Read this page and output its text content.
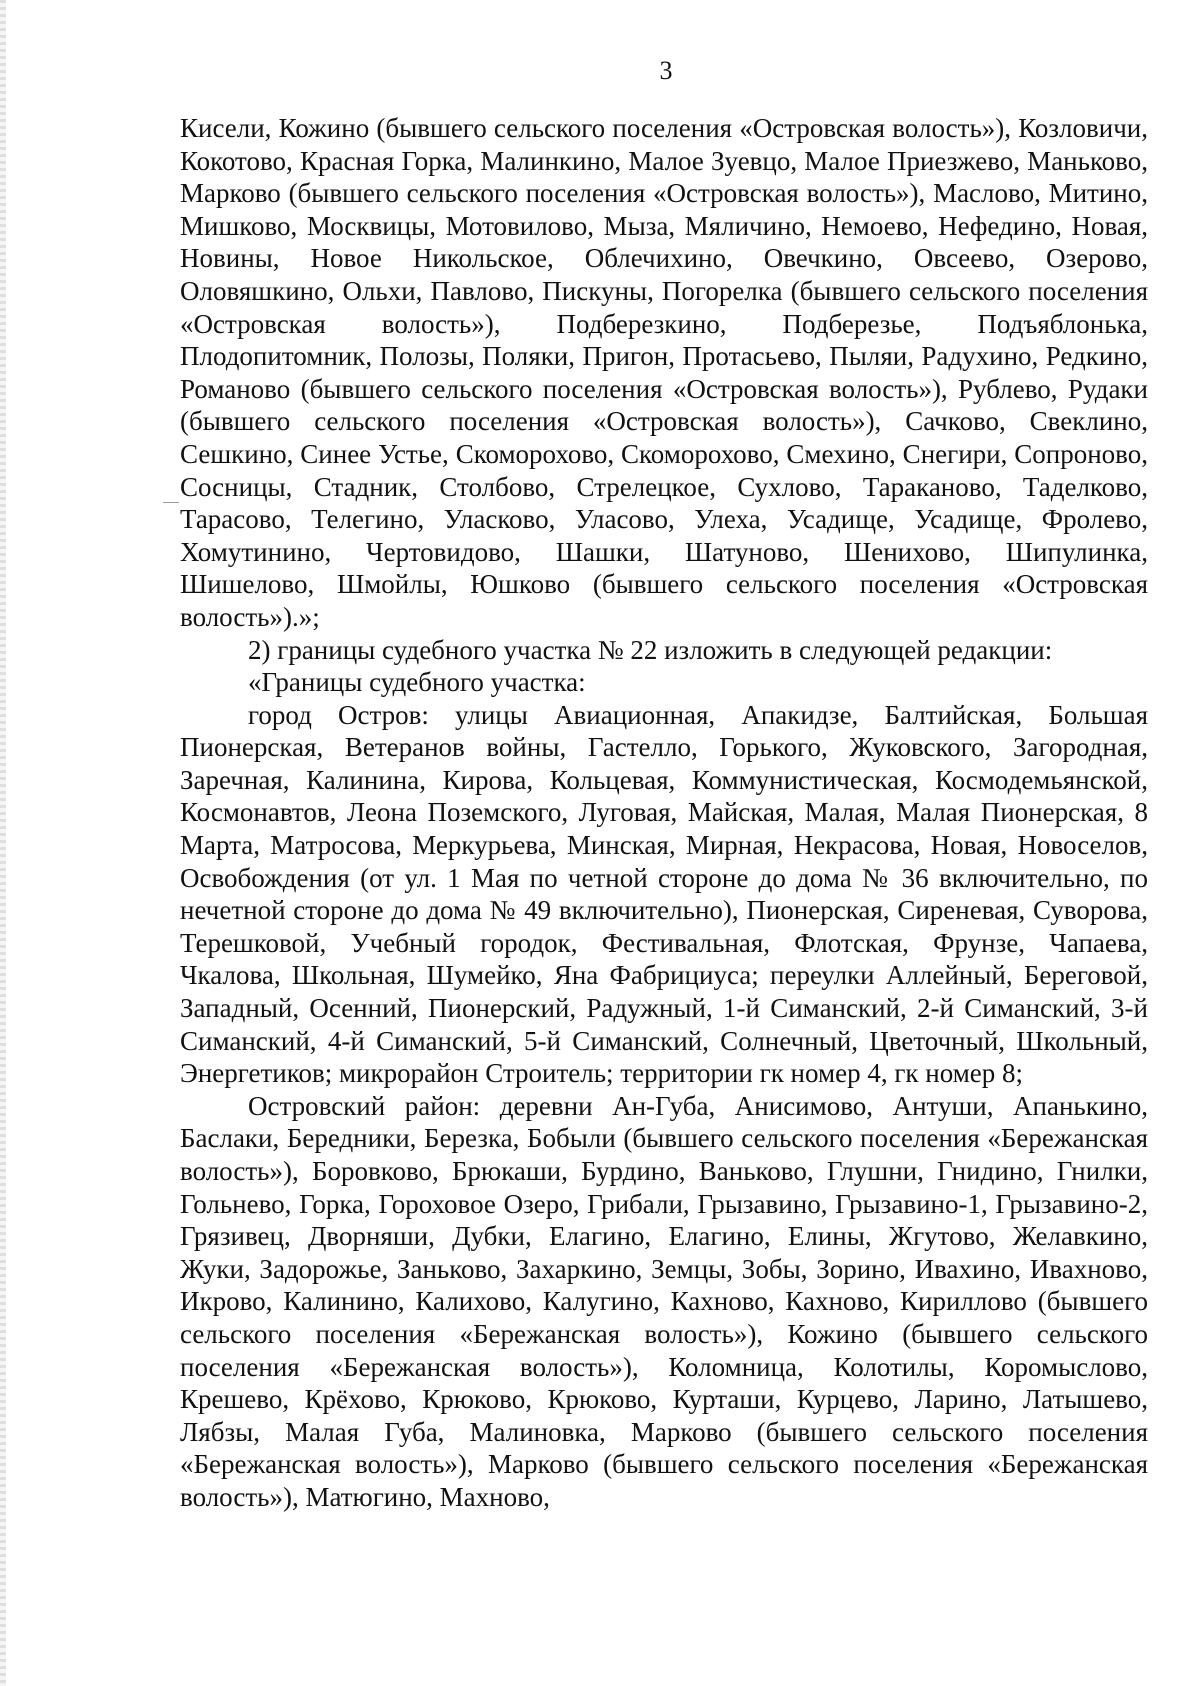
3

Кисели, Кожино (бывшего сельского поселения «Островская волость»), Козловичи, Кокотово, Красная Горка, Малинкино, Малое Зуевцо, Малое Приезжево, Маньково, Марково (бывшего сельского поселения «Островская волость»), Маслово, Митино, Мишково, Москвицы, Мотовилово, Мыза, Мяличино, Немоево, Нефедино, Новая, Новины, Новое Никольское, Облечихино, Овечкино, Овсеево, Озерово, Оловяшкино, Ольхи, Павлово, Пискуны, Погорелка (бывшего сельского поселения «Островская волость»), Подберезкино, Подберезье, Подъяблонька, Плодопитомник, Полозы, Поляки, Пригон, Протасьево, Пыляи, Радухино, Редкино, Романово (бывшего сельского поселения «Островская волость»), Рублево, Рудаки (бывшего сельского поселения «Островская волость»), Сачково, Свеклино, Сешкино, Синее Устье, Скоморохово, Скоморохово, Смехино, Снегири, Сопроново, Сосницы, Стадник, Столбово, Стрелецкое, Сухлово, Тараканово, Таделково, Тарасово, Телегино, Уласково, Уласово, Улеха, Усадище, Усадище, Фролево, Хомутинино, Чертовидово, Шашки, Шатуново, Шенихово, Шипулинка, Шишелово, Шмойлы, Юшково (бывшего сельского поселения «Островская волость»).»;

2) границы судебного участка № 22 изложить в следующей редакции:

«Границы судебного участка:

город Остров: улицы Авиационная, Апакидзе, Балтийская, Большая Пионерская, Ветеранов войны, Гастелло, Горького, Жуковского, Загородная, Заречная, Калинина, Кирова, Кольцевая, Коммунистическая, Космодемьянской, Космонавтов, Леона Поземского, Луговая, Майская, Малая, Малая Пионерская, 8 Марта, Матросова, Меркурьева, Минская, Мирная, Некрасова, Новая, Новоселов, Освобождения (от ул. 1 Мая по четной стороне до дома № 36 включительно, по нечетной стороне до дома № 49 включительно), Пионерская, Сиреневая, Суворова, Терешковой, Учебный городок, Фестивальная, Флотская, Фрунзе, Чапаева, Чкалова, Школьная, Шумейко, Яна Фабрициуса; переулки Аллейный, Береговой, Западный, Осенний, Пионерский, Радужный, 1-й Симанский, 2-й Симанский, 3-й Симанский, 4-й Симанский, 5-й Симанский, Солнечный, Цветочный, Школьный, Энергетиков; микрорайон Строитель; территории гк номер 4, гк номер 8;

Островский район: деревни Ан-Губа, Анисимово, Антуши, Апанькино, Баслаки, Бередники, Березка, Бобыли (бывшего сельского поселения «Бережанская волость»), Боровково, Брюкаши, Бурдино, Ваньково, Глушни, Гнидино, Гнилки, Гольнево, Горка, Гороховое Озеро, Грибали, Грызавино, Грызавино-1, Грызавино-2, Грязивец, Дворняши, Дубки, Елагино, Елагино, Елины, Жгутово, Желавкино, Жуки, Задорожье, Заньково, Захаркино, Земцы, Зобы, Зорино, Ивахино, Ивахново, Икрово, Калинино, Калихово, Калугино, Кахново, Кахново, Кириллово (бывшего сельского поселения «Бережанская волость»), Кожино (бывшего сельского поселения «Бережанская волость»), Коломница, Колотилы, Коромыслово, Крешево, Крёхово, Крюково, Крюково, Курташи, Курцево, Ларино, Латышево, Лябзы, Малая Губа, Малиновка, Марково (бывшего сельского поселения «Бережанская волость»), Марково (бывшего сельского поселения «Бережанская волость»), Матюгино, Махново,
